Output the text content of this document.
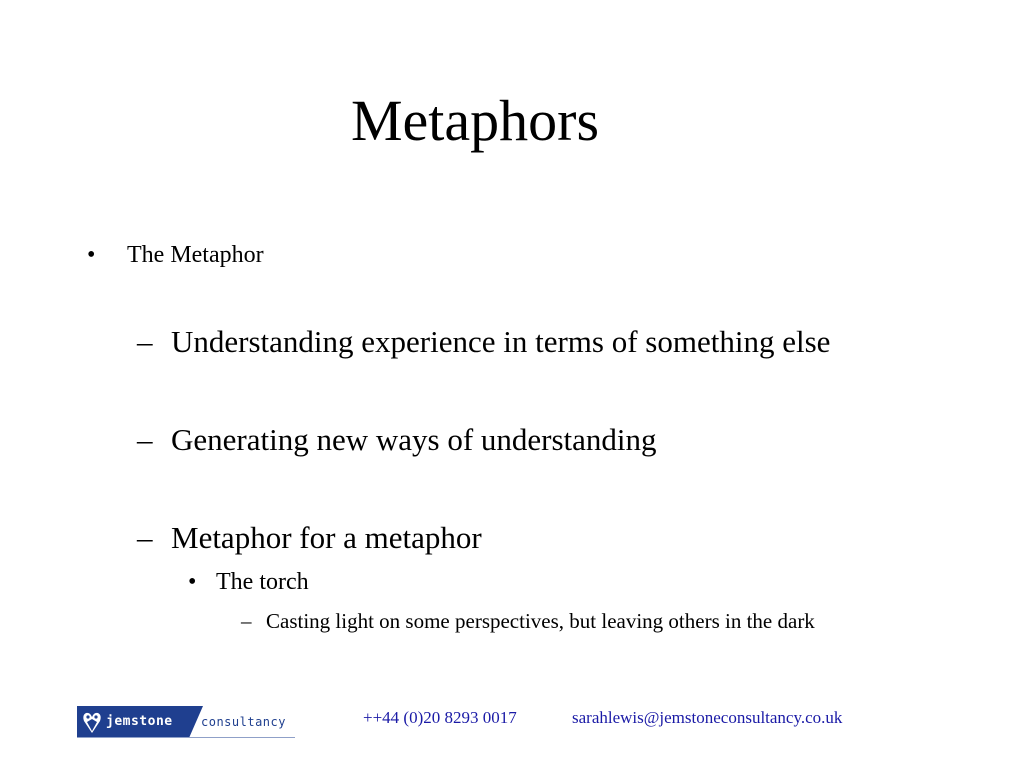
Metaphors
• The Metaphor
– Understanding experience in terms of something else
– Generating new ways of understanding
– Metaphor for a metaphor
• The torch
– Casting light on some perspectives, but leaving others in the dark
jemstone consultancy	++44 (0)20 8293 0017	sarahlewis@jemstoneconsultancy.co.uk
